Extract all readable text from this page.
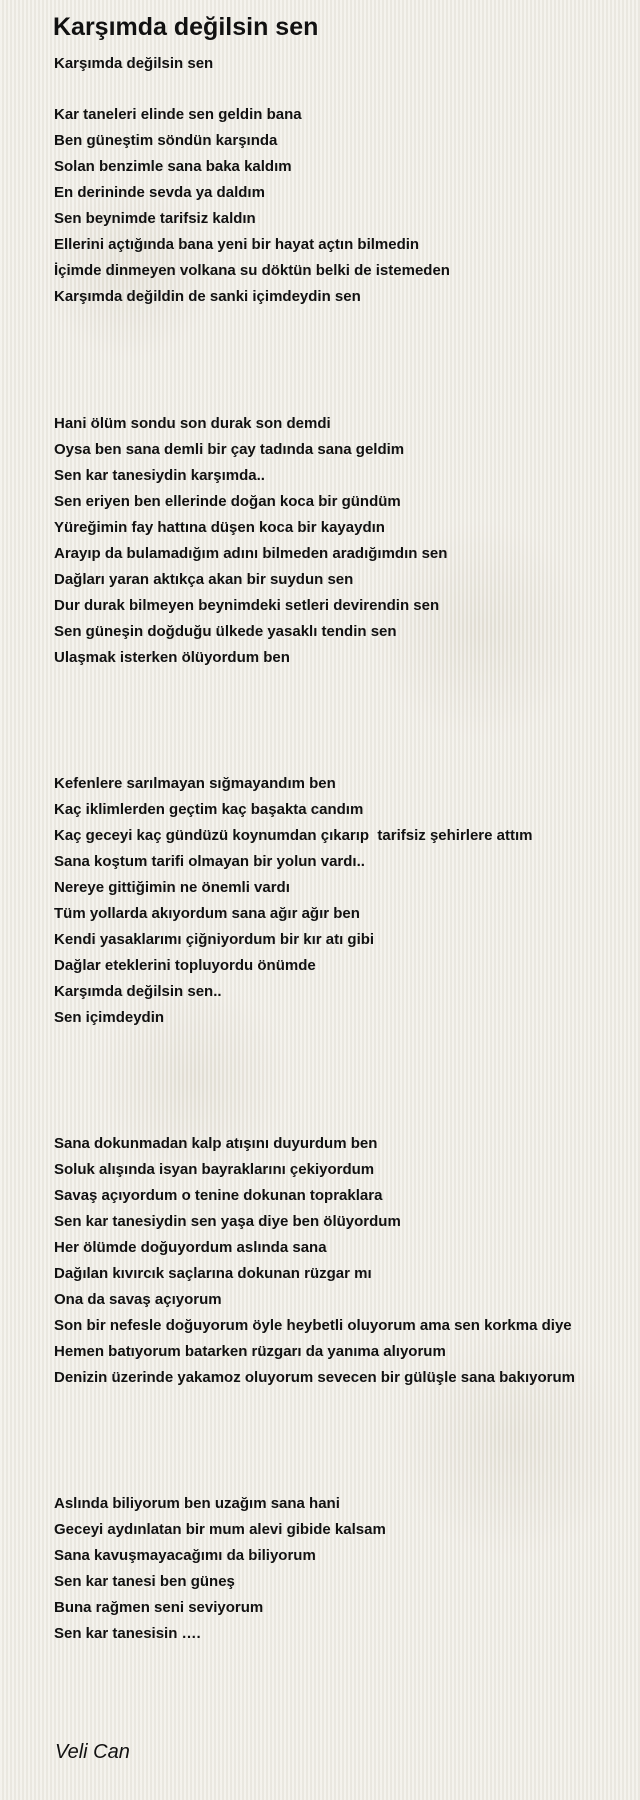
Karşımda değilsin sen
Karşımda değilsin sen
Kar taneleri elinde sen geldin bana
Ben güneştim söndün karşında
Solan benzimle sana baka kaldım
En derininde sevda ya daldım
Sen beynimde tarifsiz kaldın
Ellerini açtığında bana yeni bir hayat açtın bilmedin
İçimde dinmeyen volkana su döktün belki de istemeden
Karşımda değildin de sanki içimdeydin sen
Hani ölüm sondu son durak son demdi
Oysa ben sana demli bir çay tadında sana geldim
Sen kar tanesiydin karşımda..
Sen eriyen ben ellerinde doğan koca bir gündüm
Yüreğimin fay hattına düşen koca bir kayaydın
Arayıp da bulamadığım adını bilmeden aradığımdın sen
Dağları yaran aktıkça akan bir suydun sen
Dur durak bilmeyen beynimdeki setleri devirendin sen
Sen güneşin doğduğu ülkede yasaklı tendin sen
Ulaşmak isterken ölüyordum ben
Kefenlere sarılmayan sığmayandım ben
Kaç iklimlerden geçtim kaç başakta candım
Kaç geceyi kaç gündüzü koynumdan çıkarıp  tarifsiz şehirlere attım
Sana koştum tarifi olmayan bir yolun vardı..
Nereye gittiğimin ne önemli vardı
Tüm yollarda akıyordum sana ağır ağır ben
Kendi yasaklarımı çiğniyordum bir kır atı gibi
Dağlar eteklerini topluyordu önümde
Karşımda değilsin sen..
Sen içimdeydin
Sana dokunmadan kalp atışını duyurdum ben
Soluk alışında isyan bayraklarını çekiyordum
Savaş açıyordum o tenine dokunan topraklara
Sen kar tanesiydin sen yaşa diye ben ölüyordum
Her ölümde doğuyordum aslında sana
Dağılan kıvırcık saçlarına dokunan rüzgar mı
Ona da savaş açıyorum
Son bir nefesle doğuyorum öyle heybetli oluyorum ama sen korkma diye
Hemen batıyorum batarken rüzgarı da yanıma alıyorum
Denizin üzerinde yakamoz oluyorum sevecen bir gülüşle sana bakıyorum
Aslında biliyorum ben uzağım sana hani
Geceyi aydınlatan bir mum alevi gibide kalsam
Sana kavuşmayacağımı da biliyorum
Sen kar tanesi ben güneş
Buna rağmen seni seviyorum
Sen kar tanesisin ….
Veli Can
